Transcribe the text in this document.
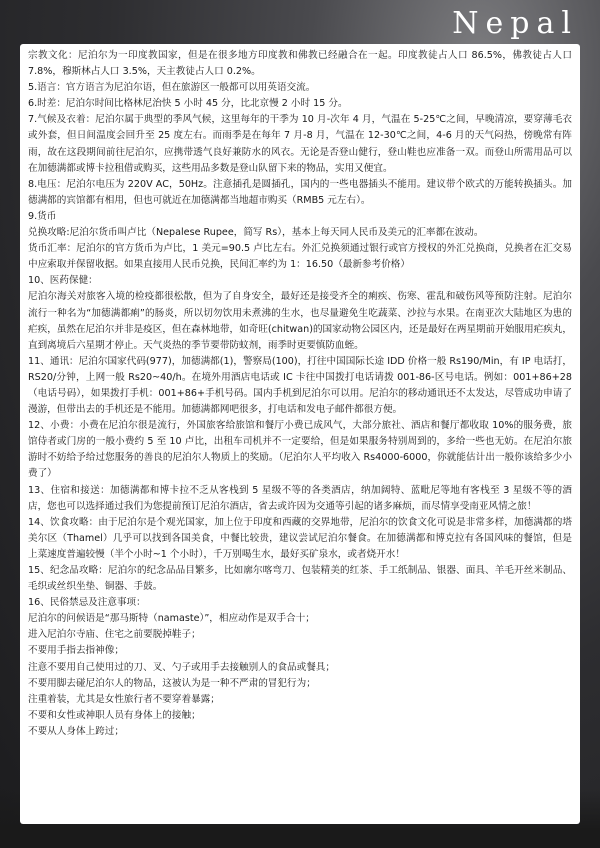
Nepal

宗教文化：尼泊尔为一印度教国家，但是在很多地方印度教和佛教已经融合在一起。印度教徒占人口 86.5%，佛教徒占人口 7.8%，穆斯林占人口 3.5%，天主教徒占人口 0.2%。

5.语言：官方语言为尼泊尔语，但在旅游区一般都可以用英语交流。

6.时差：尼泊尔时间比格林尼治快 5 小时 45 分，比北京慢 2 小时 15 分。

7.气候及衣着：尼泊尔属于典型的季风气候，这里每年的干季为 10 月-次年 4 月，气温在 5-25℃之间，早晚清凉，要穿薄毛衣或外套，但日间温度会回升至 25 度左右。而雨季是在每年 7 月-8 月，气温在 12-30℃之间，4-6 月的天气闷热，傍晚常有阵雨，故在这段期间前往尼泊尔，应携带透气良好兼防水的风衣。无论是否登山健行，登山鞋也应准备一双。而登山所需用品可以在加德满都或博卡拉租借或购买，这些用品多数是登山队留下来的物品，实用又便宜。

8.电压：尼泊尔电压为 220V AC，50Hz。注意插孔是圆插孔，国内的一些电器插头不能用。建议带个欧式的万能转换插头。加德满都的宾馆都有相用，但也可就近在加德满都当地超市购买（RMB5 元左右）。

9.货币

兑换攻略:尼泊尔货币叫卢比（Nepalese Rupee，简写 Rs），基本上每天同人民币及美元的汇率都在波动。

货币汇率：尼泊尔的官方货币为卢比，1 美元=90.5 卢比左右。外汇兑换须通过银行或官方授权的外汇兑换商，兑换者在汇交易中应索取并保留收据。如果直接用人民币兑换，民间汇率约为 1：16.50（最新参考价格）

10、医药保健：

尼泊尔海关对旅客入境的检疫都很松散，但为了自身安全，最好还是接受齐全的痢疾、伤寒、霍乱和破伤风等预防注射。尼泊尔流行一种名为“加德满都痢”的肠炎，所以切勿饮用未煮沸的生水，也尽量避免生吃蔬菜、沙拉与水果。在南亚次大陆地区为患的疟疾，虽然在尼泊尔并非是疫区，但在森林地带，如奇旺(chitwan)的国家动物公园区内，还是最好在两星期前开始服用疟疾丸，直到离境后六星期才停止。天气炎热的季节要带防蚊剂，雨季时更要慎防血蛭。

11、通讯：尼泊尔国家代码(977)，加德满都(1)，警察局(100)，打往中国国际长途 IDD 价格一般 Rs190/Min，有 IP 电话打，RS20/分钟，上网一般 Rs20~40/h。在境外用酒店电话或 IC 卡往中国拨打电话请拨 001-86-区号电话。例如：001+86+28（电话号码），如果拨打手机：001+86+手机号码。国内手机到尼泊尔可以用。尼泊尔的移动通讯还不太发达，尽管成功申请了漫游，但带出去的手机还是不能用。加德满都网吧很多，打电话和发电子邮件都很方便。

12、小费：小费在尼泊尔很是流行，外国旅客给旅馆和餐厅小费已成风气，大部分旅社、酒店和餐厅都收取 10%的服务费，旅馆侍者或门房的一般小费约 5 至 10 卢比，出租车司机并不一定要给，但是如果服务特别周到的，多给一些也无妨。在尼泊尔旅游时不妨给予给过您服务的善良的尼泊尔人物质上的奖励。（尼泊尔人平均收入 Rs4000-6000，你就能估计出一般你该给多少小费了）

13、住宿和接送：加德满都和博卡拉不乏从客栈到 5 星级不等的各类酒店，纳加阔特、蓝毗尼等地有客栈至 3 星级不等的酒店，您也可以选择通过我们为您提前预订尼泊尔酒店，省去或许因为交通等引起的诸多麻烦，而尽情享受南亚风情之旅！

14、饮食攻略：由于尼泊尔是个观光国家，加上位于印度和西藏的交界地带，尼泊尔的饮食文化可说是非常多样，加德满都的塔美尔区（Thamel）几乎可以找到各国美食，中餐比较贵，建议尝试尼泊尔餐食。在加德满都和博克拉有各国风味的餐馆，但是上菜速度普遍较慢（半个小时~1 个小时），千万别喝生水，最好买矿泉水，或者烧开水！

15、纪念品攻略：尼泊尔的纪念品品目繁多，比如廓尔喀弯刀、包装精美的红茶、手工纸制品、银器、面具、羊毛开丝米制品、毛织或丝织坐垫、铜器、手鼓。

16、民俗禁忌及注意事项：

尼泊尔的问候语是“那马斯特（namaste）”，相应动作是双手合十；

进入尼泊尔寺庙、住宅之前要脱掉鞋子；

不要用手指去指神像；

注意不要用自己使用过的刀、叉、勺子或用手去接触别人的食品或餐具；

不要用脚去碰尼泊尔人的物品，这被认为是一种不严肃的冒犯行为；

注重着装，尤其是女性旅行者不要穿着暴露；

不要和女性或神职人员有身体上的接触；

不要从人身体上跨过；
